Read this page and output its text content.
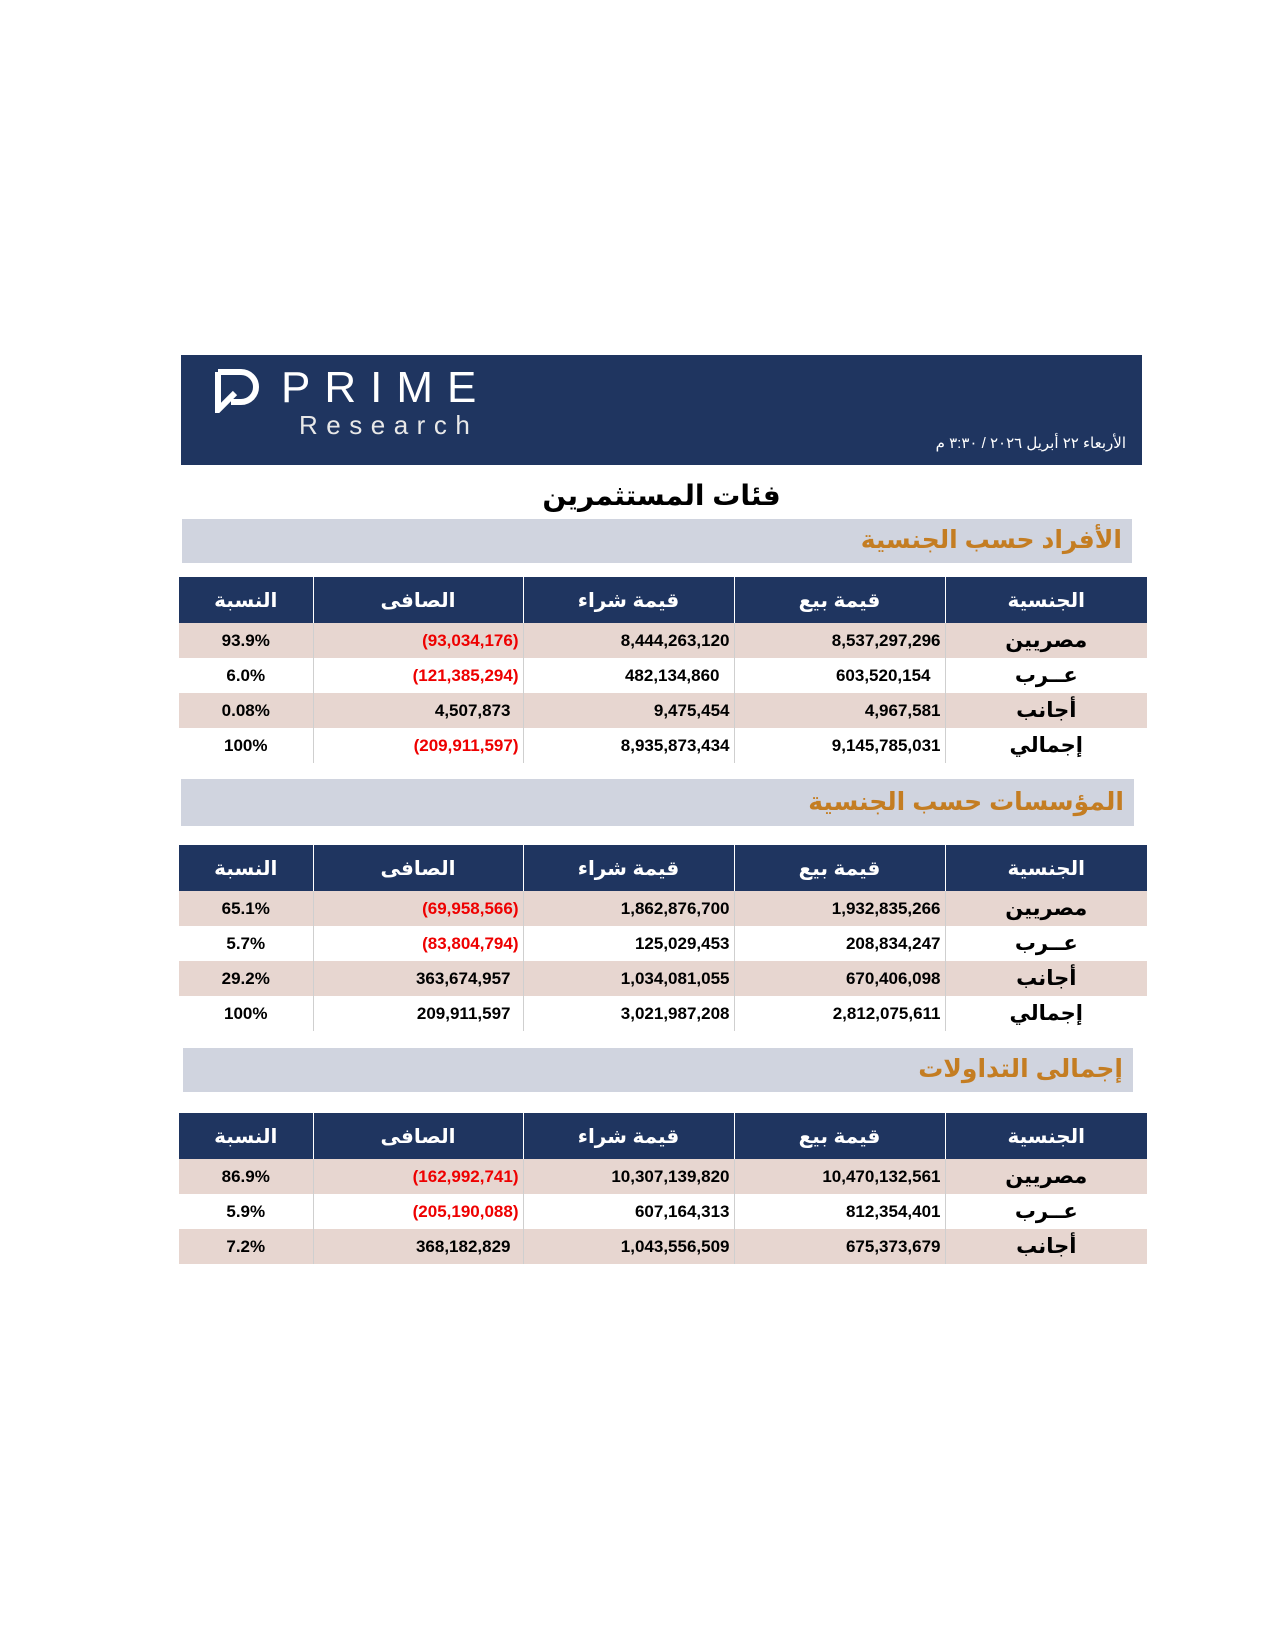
PRIME
Research
الأربعاء ٢٢ أبريل ٢٠٢٦ / ٣:٣٠ م
فئات المستثمرين
الأفراد حسب الجنسية
الجنسية	قيمة بيع	قيمة شراء	الصافى	النسبة
مصريين	8,537,297,296	8,444,263,120	(93,034,176)	93.9%
عــرب	603,520,154	482,134,860	(121,385,294)	6.0%
أجانب	4,967,581	9,475,454	4,507,873	0.08%
إجمالي	9,145,785,031	8,935,873,434	(209,911,597)	100%
المؤسسات حسب الجنسية
الجنسية	قيمة بيع	قيمة شراء	الصافى	النسبة
مصريين	1,932,835,266	1,862,876,700	(69,958,566)	65.1%
عــرب	208,834,247	125,029,453	(83,804,794)	5.7%
أجانب	670,406,098	1,034,081,055	363,674,957	29.2%
إجمالي	2,812,075,611	3,021,987,208	209,911,597	100%
إجمالى التداولات
الجنسية	قيمة بيع	قيمة شراء	الصافى	النسبة
مصريين	10,470,132,561	10,307,139,820	(162,992,741)	86.9%
عــرب	812,354,401	607,164,313	(205,190,088)	5.9%
أجانب	675,373,679	1,043,556,509	368,182,829	7.2%
